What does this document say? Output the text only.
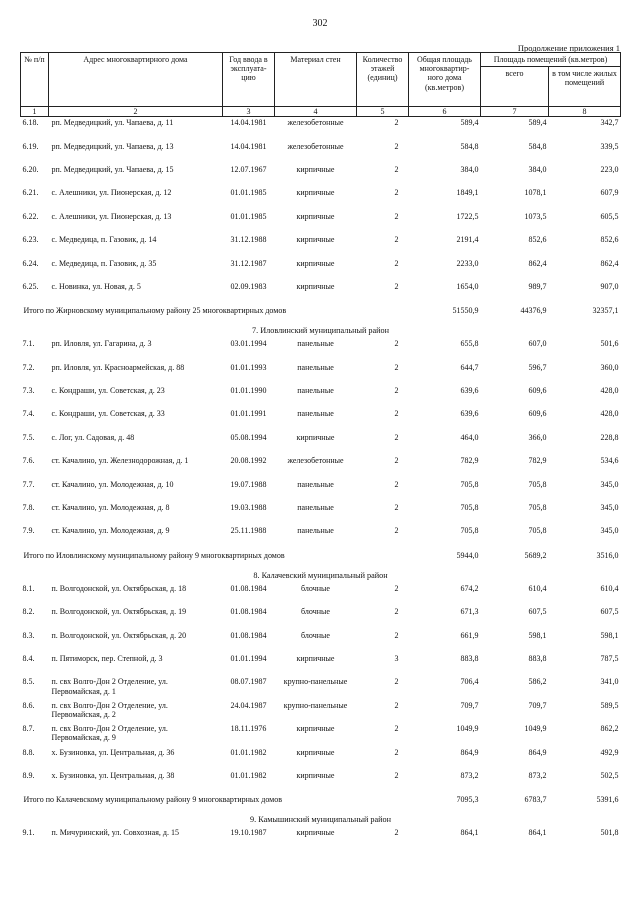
302
Продолжение приложения 1
№ п/п	Адрес многоквартирного дома	Год ввода в эксплуата-цию	Материал стен	Количество этажей (единиц)	Общая площадь многоквартир-ного дома (кв.метров)	Площадь помещений (кв.метров)	
						всего	в том числе жилых помещений
1	2	3	4	5	6	7	8
6.18.	рп. Медведицкий, ул. Чапаева, д. 11	14.04.1981	железобетонные	2	589,4	589,4	342,7
6.19.	рп. Медведицкий, ул. Чапаева, д. 13	14.04.1981	железобетонные	2	584,8	584,8	339,5
6.20.	рп. Медведицкий, ул. Чапаева, д. 15	12.07.1967	кирпичные	2	384,0	384,0	223,0
6.21.	с. Алешники, ул. Пионерская, д. 12	01.01.1985	кирпичные	2	1849,1	1078,1	607,9
6.22.	с. Алешники, ул. Пионерская, д. 13	01.01.1985	кирпичные	2	1722,5	1073,5	605,5
6.23.	с. Медведица, п. Газовик, д. 14	31.12.1988	кирпичные	2	2191,4	852,6	852,6
6.24.	с. Медведица, п. Газовик, д. 35	31.12.1987	кирпичные	2	2233,0	862,4	862,4
6.25.	с. Новинка, ул. Новая, д. 5	02.09.1983	кирпичные	2	1654,0	989,7	907,0
Итого по Жирновскому муниципальному району 25 многоквартирных домов					51550,9	44376,9	32357,1
7. Иловлинский муниципальный район							
7.1.	рп. Иловля, ул. Гагарина, д. 3	03.01.1994	панельные	2	655,8	607,0	501,6
7.2.	рп. Иловля, ул. Красноармейская, д. 88	01.01.1993	панельные	2	644,7	596,7	360,0
7.3.	с. Кондраши, ул. Советская, д. 23	01.01.1990	панельные	2	639,6	609,6	428,0
7.4.	с. Кондраши, ул. Советская, д. 33	01.01.1991	панельные	2	639,6	609,6	428,0
7.5.	с. Лог, ул. Садовая, д. 48	05.08.1994	кирпичные	2	464,0	366,0	228,8
7.6.	ст. Качалино, ул. Железнодорожная, д. 1	20.08.1992	железобетонные	2	782,9	782,9	534,6
7.7.	ст. Качалино, ул. Молодежная, д. 10	19.07.1988	панельные	2	705,8	705,8	345,0
7.8.	ст. Качалино, ул. Молодежная, д. 8	19.03.1988	панельные	2	705,8	705,8	345,0
7.9.	ст. Качалино, ул. Молодежная, д. 9	25.11.1988	панельные	2	705,8	705,8	345,0
Итого по Иловлинскому муниципальному району 9 многоквартирных домов					5944,0	5689,2	3516,0
8. Калачевский муниципальный район							
8.1.	п. Волгодонской, ул. Октябрьская, д. 18	01.08.1984	блочные	2	674,2	610,4	610,4
8.2.	п. Волгодонской, ул. Октябрьская, д. 19	01.08.1984	блочные	2	671,3	607,5	607,5
8.3.	п. Волгодонской, ул. Октябрьская, д. 20	01.08.1984	блочные	2	661,9	598,1	598,1
8.4.	п. Пятиморск, пер. Степной, д. 3	01.01.1994	кирпичные	3	883,8	883,8	787,5
8.5.	п. свх Волго-Дон 2 Отделение, ул. Первомайская, д. 1	08.07.1987	крупно-панельные	2	706,4	586,2	341,0
8.6.	п. свх Волго-Дон 2 Отделение, ул. Первомайская, д. 2	24.04.1987	крупно-панельные	2	709,7	709,7	589,5
8.7.	п. свх Волго-Дон 2 Отделение, ул. Первомайская, д. 9	18.11.1976	кирпичные	2	1049,9	1049,9	862,2
8.8.	х. Бузиновка, ул. Центральная, д. 36	01.01.1982	кирпичные	2	864,9	864,9	492,9
8.9.	х. Бузиновка, ул. Центральная, д. 38	01.01.1982	кирпичные	2	873,2	873,2	502,5
Итого по Калачевскому муниципальному району 9 многоквартирных домов					7095,3	6783,7	5391,6
9. Камышинский муниципальный район							
9.1.	п. Мичуринский, ул. Совхозная, д. 15	19.10.1987	кирпичные	2	864,1	864,1	501,8
